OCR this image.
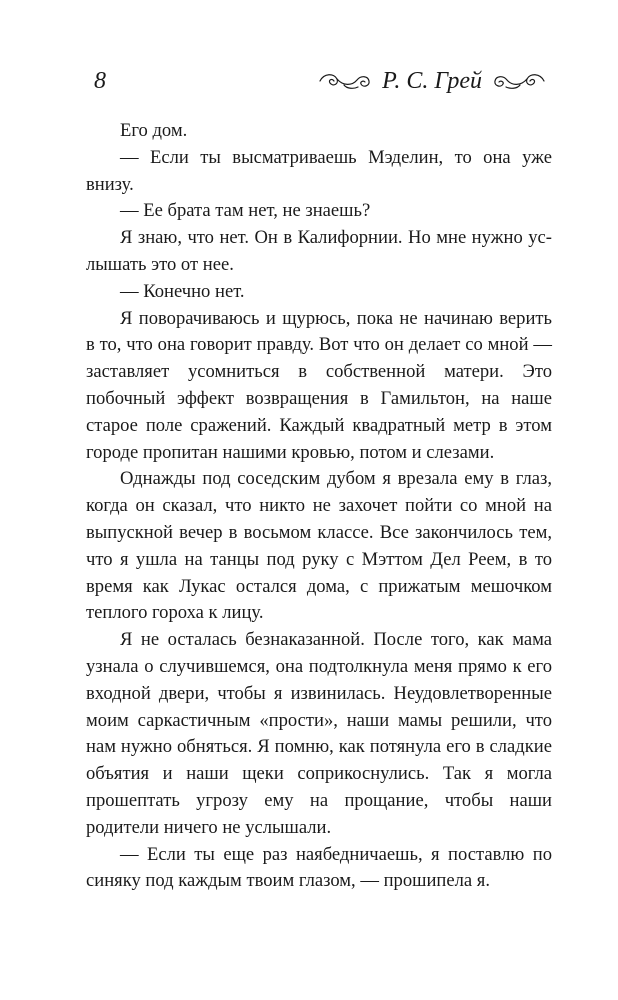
8	Р. С. Грей

Его дом.

— Если ты высматриваешь Мэделин, то она уже внизу.

— Ее брата там нет, не знаешь?

Я знаю, что нет. Он в Калифорнии. Но мне нужно услышать это от нее.

— Конечно нет.

Я поворачиваюсь и щурюсь, пока не начинаю верить в то, что она говорит правду. Вот что он делает со мной — заставляет усомниться в собственной матери. Это побочный эффект возвращения в Гамильтон, на наше старое поле сражений. Каждый квадратный метр в этом городе пропитан нашими кровью, потом и слезами.

Однажды под соседским дубом я врезала ему в глаз, когда он сказал, что никто не захочет пойти со мной на выпускной вечер в восьмом классе. Все закончилось тем, что я ушла на танцы под руку с Мэттом Дел Реем, в то время как Лукас остался дома, с прижатым мешочком теплого гороха к лицу.

Я не осталась безнаказанной. После того, как мама узнала о случившемся, она подтолкнула меня прямо к его входной двери, чтобы я извинилась. Неудовлетворенные моим саркастичным «прости», наши мамы решили, что нам нужно обняться. Я помню, как потянула его в сладкие объятия и наши щеки соприкоснулись. Так я могла прошептать угрозу ему на прощание, чтобы наши родители ничего не услышали.

— Если ты еще раз наябедничаешь, я поставлю по синяку под каждым твоим глазом, — прошипела я.
